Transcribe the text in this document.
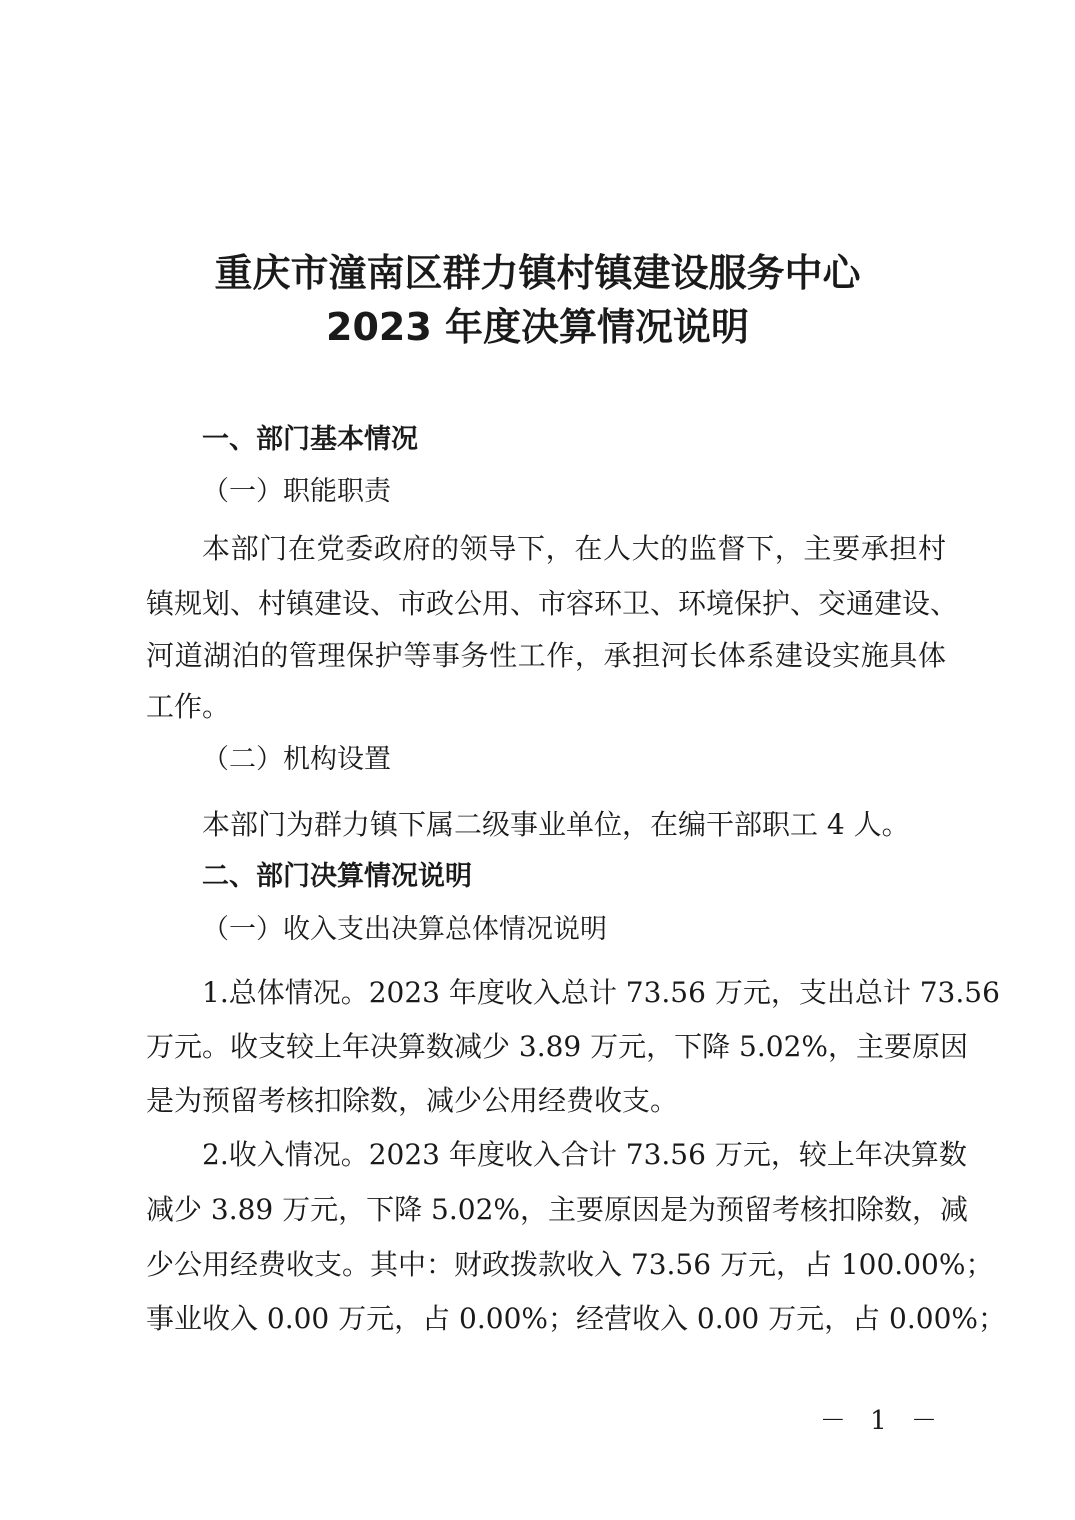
重庆市潼南区群力镇村镇建设服务中心
2023 年度决算情况说明
一、部门基本情况
（一）职能职责
本部门在党委政府的领导下，在人大的监督下，主要承担村
镇规划、村镇建设、市政公用、市容环卫、环境保护、交通建设、
河道湖泊的管理保护等事务性工作，承担河长体系建设实施具体
工作。
（二）机构设置
本部门为群力镇下属二级事业单位，在编干部职工 4 人。
二、部门决算情况说明
（一）收入支出决算总体情况说明
1.总体情况。2023 年度收入总计 73.56 万元，支出总计 73.56
万元。收支较上年决算数减少 3.89 万元，下降 5.02%，主要原因
是为预留考核扣除数，减少公用经费收支。
2.收入情况。2023 年度收入合计 73.56 万元，较上年决算数
减少 3.89 万元，下降 5.02%，主要原因是为预留考核扣除数，减
少公用经费收支。其中：财政拨款收入 73.56 万元，占 100.00%；
事业收入 0.00 万元，占 0.00%；经营收入 0.00 万元，占 0.00%；
－ 1 －
